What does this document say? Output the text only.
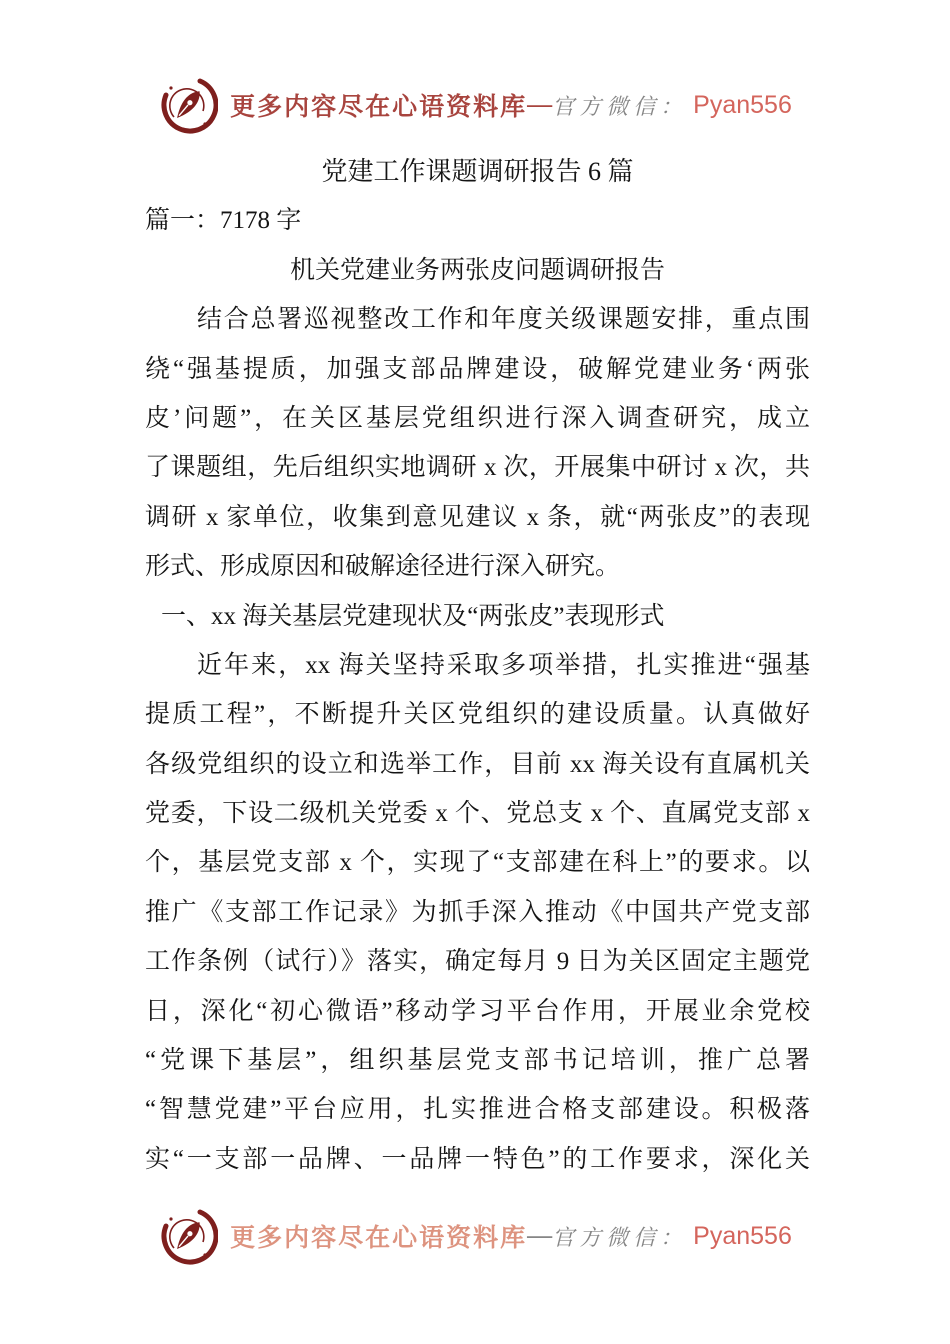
更多内容尽在心语资料库 — 官方微信： Pyan556
党建工作课题调研报告 6 篇
篇一：7178 字
机关党建业务两张皮问题调研报告
结合总署巡视整改工作和年度关级课题安排，重点围
绕“强基提质，加强支部品牌建设，破解党建业务‘两张
皮’问题”，在关区基层党组织进行深入调查研究，成立
了课题组，先后组织实地调研 x 次，开展集中研讨 x 次，共
调研 x 家单位，收集到意见建议 x 条，就“两张皮”的表现
形式、形成原因和破解途径进行深入研究。
一、xx 海关基层党建现状及“两张皮”表现形式
近年来，xx 海关坚持采取多项举措，扎实推进“强基
提质工程”，不断提升关区党组织的建设质量。认真做好
各级党组织的设立和选举工作，目前 xx 海关设有直属机关
党委，下设二级机关党委 x 个、党总支 x 个、直属党支部 x
个，基层党支部 x 个，实现了“支部建在科上”的要求。以
推广《支部工作记录》为抓手深入推动《中国共产党支部
工作条例（试行）》落实，确定每月 9 日为关区固定主题党
日，深化“初心微语”移动学习平台作用，开展业余党校
“党课下基层”，组织基层党支部书记培训，推广总署
“智慧党建”平台应用，扎实推进合格支部建设。积极落
实“一支部一品牌、一品牌一特色”的工作要求，深化关
更多内容尽在心语资料库 — 官方微信： Pyan556
